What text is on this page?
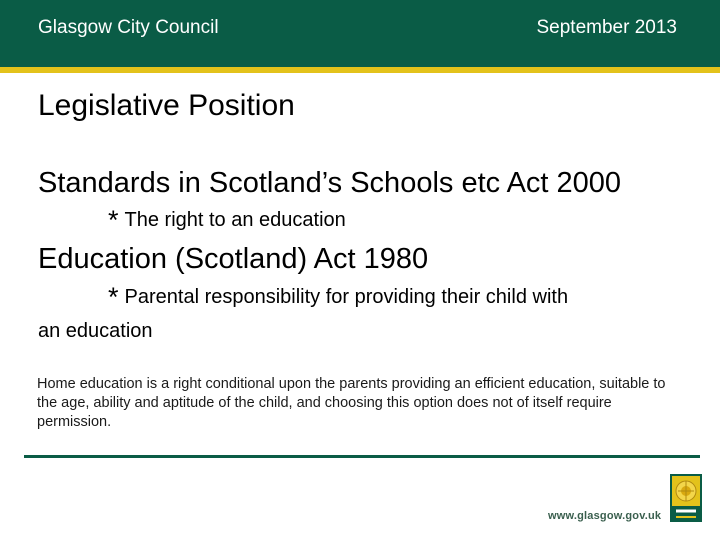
Glasgow City Council	September 2013
Legislative Position
Standards in Scotland’s Schools etc Act 2000
* The right to an education
Education (Scotland) Act 1980
* Parental responsibility for providing their child with
an education
Home education is a right conditional upon the parents providing an efficient education, suitable to the age, ability and aptitude of the child, and choosing this option does not of itself require permission.
www.glasgow.gov.uk
